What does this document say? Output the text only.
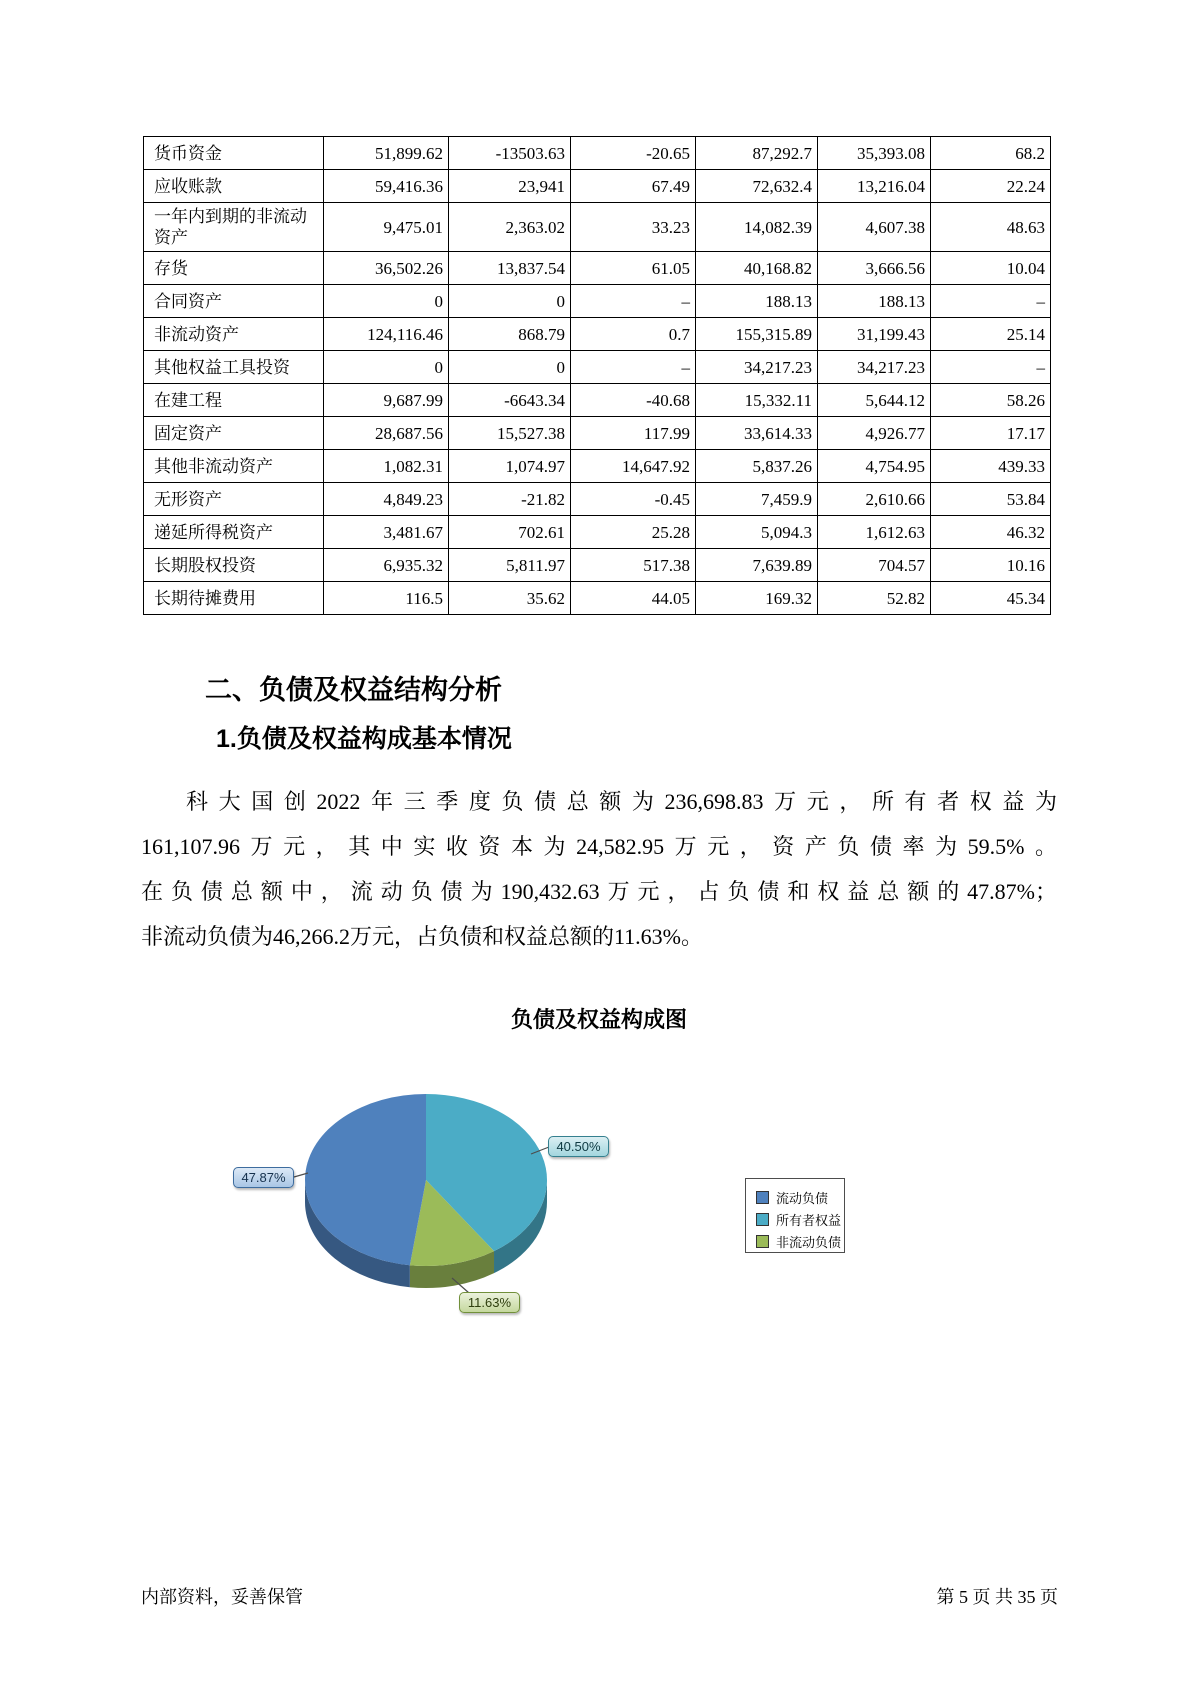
货币资金	51,899.62	-13503.63	-20.65	87,292.7	35,393.08	68.2
应收账款	59,416.36	23,941	67.49	72,632.4	13,216.04	22.24
一年内到期的非流动资产	9,475.01	2,363.02	33.23	14,082.39	4,607.38	48.63
存货	36,502.26	13,837.54	61.05	40,168.82	3,666.56	10.04
合同资产	0	0	–	188.13	188.13	–
非流动资产	124,116.46	868.79	0.7	155,315.89	31,199.43	25.14
其他权益工具投资	0	0	–	34,217.23	34,217.23	–
在建工程	9,687.99	-6643.34	-40.68	15,332.11	5,644.12	58.26
固定资产	28,687.56	15,527.38	117.99	33,614.33	4,926.77	17.17
其他非流动资产	1,082.31	1,074.97	14,647.92	5,837.26	4,754.95	439.33
无形资产	4,849.23	-21.82	-0.45	7,459.9	2,610.66	53.84
递延所得税资产	3,481.67	702.61	25.28	5,094.3	1,612.63	46.32
长期股权投资	6,935.32	5,811.97	517.38	7,639.89	704.57	10.16
长期待摊费用	116.5	35.62	44.05	169.32	52.82	45.34
二、负债及权益结构分析
1.负债及权益构成基本情况
科大国创2022年三季度负债总额为236,698.83万元，所有者权益为
161,107.96万元，其中实收资本为24,582.95万元，资产负债率为59.5%。
在负债总额中，流动负债为190,432.63万元，占负债和权益总额的47.87%；
非流动负债为46,266.2万元，占负债和权益总额的11.63%。
负债及权益构成图
47.87%
40.50%
11.63%
流动负债
所有者权益
非流动负债
内部资料，妥善保管	第 5 页 共 35 页
